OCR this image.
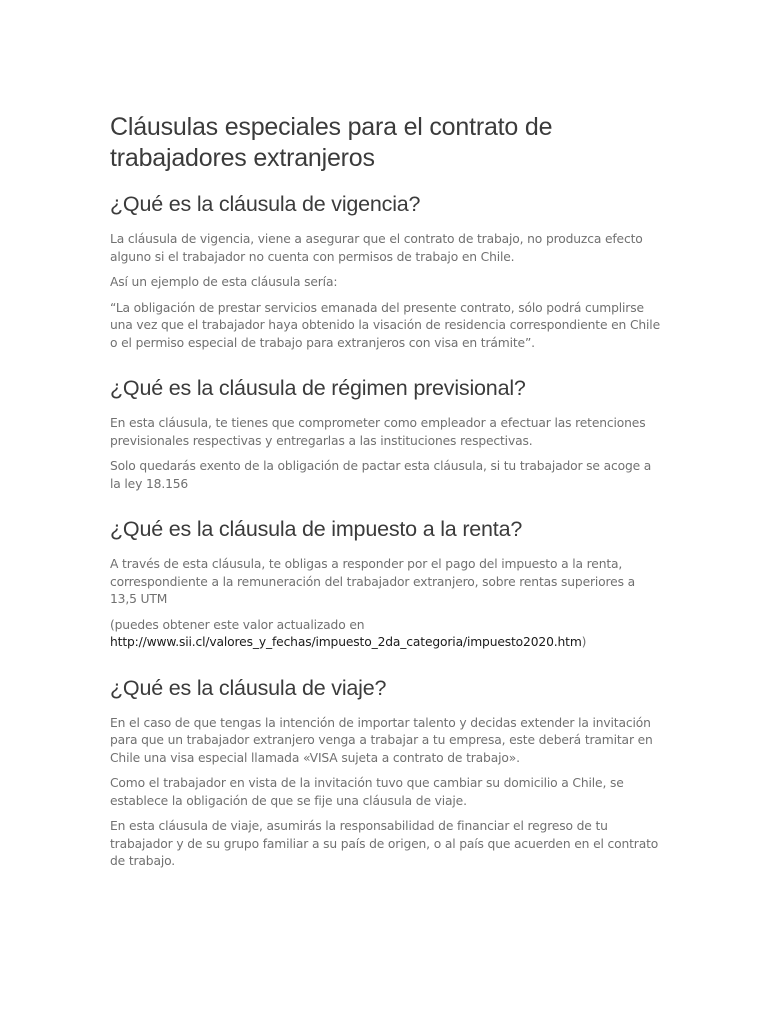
Cláusulas especiales para el contrato de trabajadores extranjeros
¿Qué es la cláusula de vigencia?

La cláusula de vigencia, viene a asegurar que el contrato de trabajo, no produzca efecto alguno si el trabajador no cuenta con permisos de trabajo en Chile.

Así un ejemplo de esta cláusula sería:

“La obligación de prestar servicios emanada del presente contrato, sólo podrá cumplirse una vez que el trabajador haya obtenido la visación de residencia correspondiente en Chile o el permiso especial de trabajo para extranjeros con visa en trámite”.

¿Qué es la cláusula de régimen previsional?

En esta cláusula, te tienes que comprometer como empleador a efectuar las retenciones previsionales respectivas y entregarlas a las instituciones respectivas.

Solo quedarás exento de la obligación de pactar esta cláusula, si tu trabajador se acoge a la ley 18.156

¿Qué es la cláusula de impuesto a la renta?

A través de esta cláusula, te obligas a responder por el pago del impuesto a la renta, correspondiente a la remuneración del trabajador extranjero, sobre rentas superiores a 13,5 UTM

(puedes obtener este valor actualizado en http://www.sii.cl/valores_y_fechas/impuesto_2da_categoria/impuesto2020.htm)

¿Qué es la cláusula de viaje?

En el caso de que tengas la intención de importar talento y decidas extender la invitación para que un trabajador extranjero venga a trabajar a tu empresa, este deberá tramitar en Chile una visa especial llamada «VISA sujeta a contrato de trabajo».

Como el trabajador en vista de la invitación tuvo que cambiar su domicilio a Chile, se establece la obligación de que se fije una cláusula de viaje.

En esta cláusula de viaje, asumirás la responsabilidad de financiar el regreso de tu trabajador y de su grupo familiar a su país de origen, o al país que acuerden en el contrato de trabajo.
